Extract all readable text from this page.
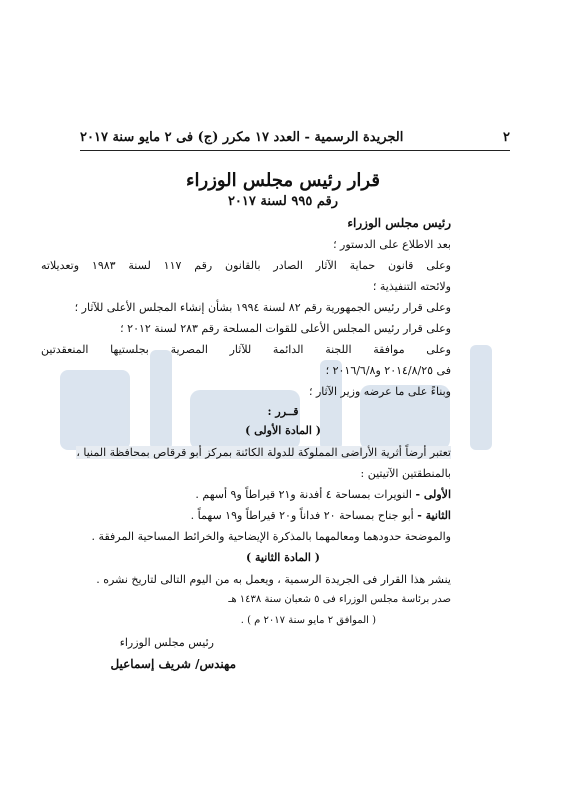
٢
الجريدة الرسمية - العدد ١٧ مكرر (ج) فى ٢ مايو سنة ٢٠١٧
قرار رئيس مجلس الوزراء
رقم ٩٩٥ لسنة ٢٠١٧
رئيس مجلس الوزراء
بعد الاطلاع على الدستور ؛
وعلى قانون حماية الآثار الصادر بالقانون رقم ١١٧ لسنة ١٩٨٣ وتعديلاته
ولائحته التنفيذية ؛
وعلى قرار رئيس الجمهورية رقم ٨٢ لسنة ١٩٩٤ بشأن إنشاء المجلس الأعلى للآثار ؛
وعلى قرار رئيس المجلس الأعلى للقوات المسلحة رقم ٢٨٣ لسنة ٢٠١٢ ؛
وعلى موافقة اللجنة الدائمة للآثار المصرية بجلستيها المنعقدتين
فى ٢٠١٤/٨/٢٥ و٢٠١٦/٦/٨ ؛
وبناءً على ما عرضه وزير الآثار ؛
قــرر :
( المادة الأولى )
تعتبر أرضاً أثرية الأراضى المملوكة للدولة الكائنة بمركز أبو قرقاص بمحافظة المنيا ،
بالمنطقتين الآتيتين :
الأولى - النويرات بمساحة ٤ أفدنة و٢١ قيراطاً و٩ أسهم .
الثانية - أبو جناح بمساحة ٢٠ فداناً و٢٠ قيراطاً و١٩ سهماً .
والموضحة حدودهما ومعالمهما بالمذكرة الإيضاحية والخرائط المساحية المرفقة .
( المادة الثانية )
ينشر هذا القرار فى الجريدة الرسمية ، ويعمل به من اليوم التالى لتاريخ نشره .
صدر برئاسة مجلس الوزراء فى ٥ شعبان سنة ١٤٣٨ هـ
( الموافق ٢ مايو سنة ٢٠١٧ م ) .
رئيس مجلس الوزراء
مهندس/ شريف إسماعيل
